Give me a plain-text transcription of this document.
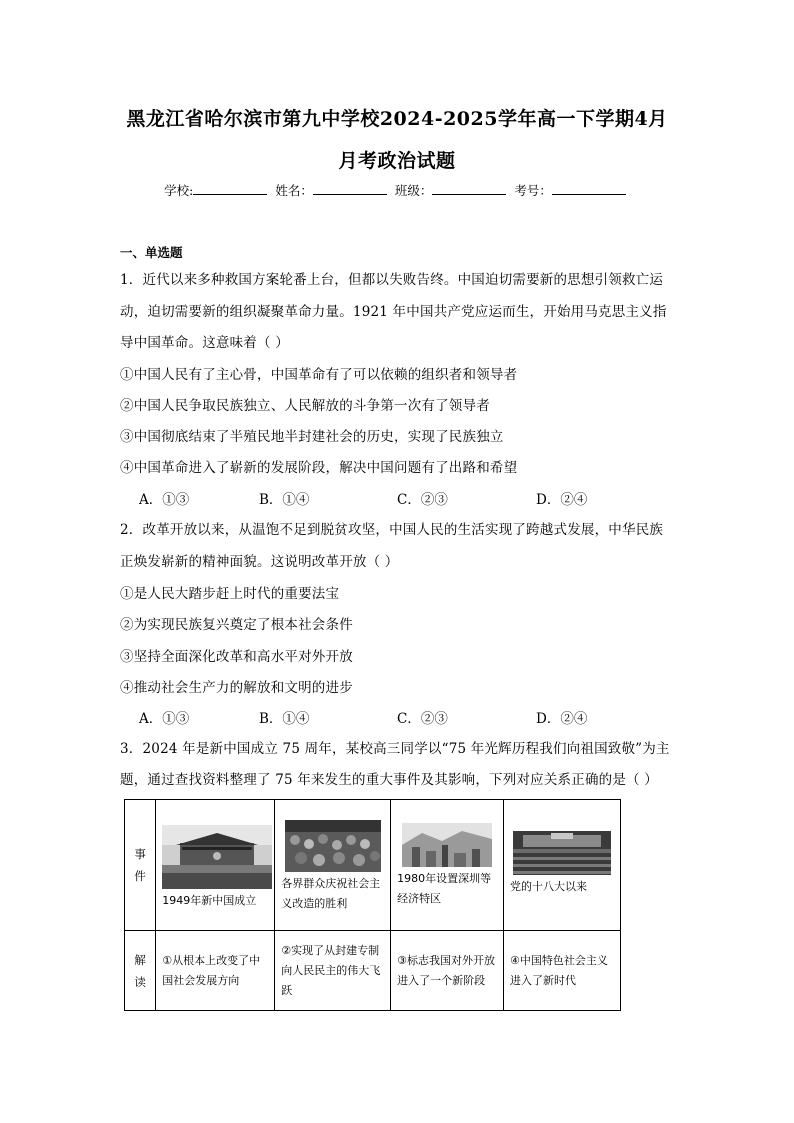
黑龙江省哈尔滨市第九中学校2024-2025学年高一下学期4月
月考政治试题
学校:	姓名：	班级：	考号：
一、单选题
1．近代以来多种救国方案轮番上台，但都以失败告终。中国迫切需要新的思想引领救亡运
动，迫切需要新的组织凝聚革命力量。1921 年中国共产党应运而生，开始用马克思主义指
导中国革命。这意味着（ ）
①中国人民有了主心骨，中国革命有了可以依赖的组织者和领导者
②中国人民争取民族独立、人民解放的斗争第一次有了领导者
③中国彻底结束了半殖民地半封建社会的历史，实现了民族独立
④中国革命进入了崭新的发展阶段，解决中国问题有了出路和希望
A．①③	B．①④	C．②③	D．②④
2．改革开放以来，从温饱不足到脱贫攻坚，中国人民的生活实现了跨越式发展，中华民族
正焕发崭新的精神面貌。这说明改革开放（ ）
①是人民大踏步赶上时代的重要法宝
②为实现民族复兴奠定了根本社会条件
③坚持全面深化改革和高水平对外开放
④推动社会生产力的解放和文明的进步
A．①③	B．①④	C．②③	D．②④
3．2024 年是新中国成立 75 周年，某校高三同学以“75 年光辉历程我们向祖国致敬”为主
题，通过查找资料整理了 75 年来发生的重大事件及其影响，下列对应关系正确的是（ ）
事
件	1949年新中国成立	各界群众庆祝社会主义改造的胜利	1980年设置深圳等经济特区	党的十八大以来

解
读	①从根本上改变了中国社会发展方向	②实现了从封建专制向人民民主的伟大飞跃	③标志我国对外开放进入了一个新阶段	④中国特色社会主义进入了新时代
